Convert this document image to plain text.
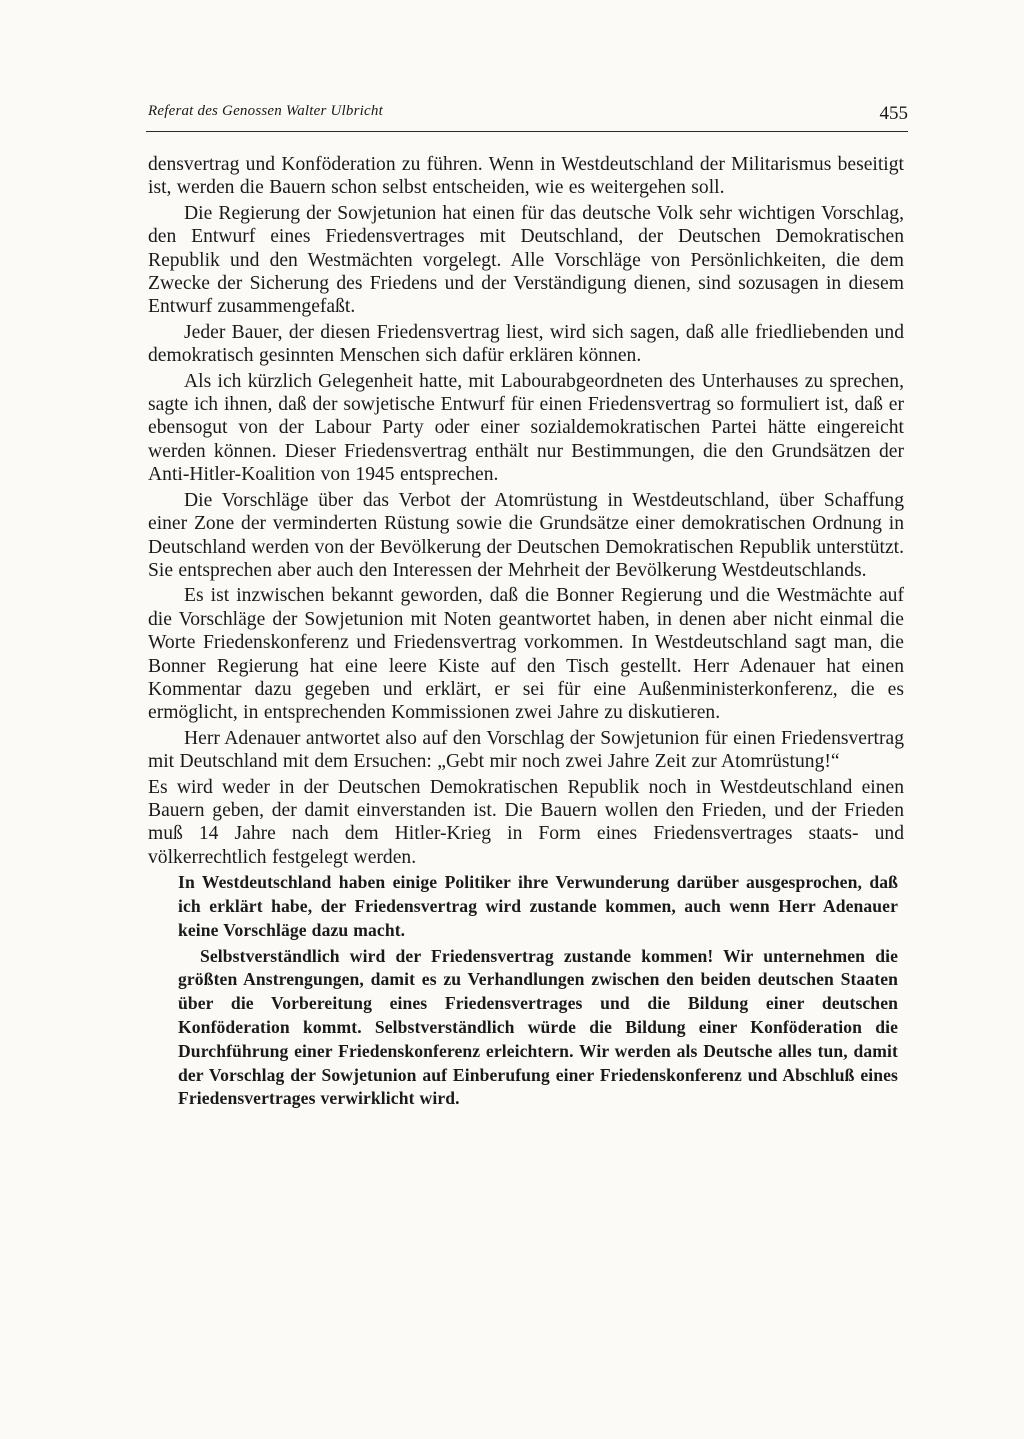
Referat des Genossen Walter Ulbricht	455

densvertrag und Konföderation zu führen. Wenn in Westdeutschland der Militarismus beseitigt ist, werden die Bauern schon selbst entscheiden, wie es weitergehen soll.

Die Regierung der Sowjetunion hat einen für das deutsche Volk sehr wichtigen Vorschlag, den Entwurf eines Friedensvertrages mit Deutschland, der Deutschen Demokratischen Republik und den Westmächten vorgelegt. Alle Vorschläge von Persönlichkeiten, die dem Zwecke der Sicherung des Friedens und der Verständigung dienen, sind sozusagen in diesem Entwurf zusammengefaßt.

Jeder Bauer, der diesen Friedensvertrag liest, wird sich sagen, daß alle friedliebenden und demokratisch gesinnten Menschen sich dafür erklären können.

Als ich kürzlich Gelegenheit hatte, mit Labourabgeordneten des Unterhauses zu sprechen, sagte ich ihnen, daß der sowjetische Entwurf für einen Friedensvertrag so formuliert ist, daß er ebensogut von der Labour Party oder einer sozialdemokratischen Partei hätte eingereicht werden können. Dieser Friedensvertrag enthält nur Bestimmungen, die den Grundsätzen der Anti-Hitler-Koalition von 1945 entsprechen.

Die Vorschläge über das Verbot der Atomrüstung in Westdeutschland, über Schaffung einer Zone der verminderten Rüstung sowie die Grundsätze einer demokratischen Ordnung in Deutschland werden von der Bevölkerung der Deutschen Demokratischen Republik unterstützt. Sie entsprechen aber auch den Interessen der Mehrheit der Bevölkerung Westdeutschlands.

Es ist inzwischen bekannt geworden, daß die Bonner Regierung und die Westmächte auf die Vorschläge der Sowjetunion mit Noten geantwortet haben, in denen aber nicht einmal die Worte Friedenskonferenz und Friedensvertrag vorkommen. In Westdeutschland sagt man, die Bonner Regierung hat eine leere Kiste auf den Tisch gestellt. Herr Adenauer hat einen Kommentar dazu gegeben und erklärt, er sei für eine Außenministerkonferenz, die es ermöglicht, in entsprechenden Kommissionen zwei Jahre zu diskutieren.

Herr Adenauer antwortet also auf den Vorschlag der Sowjetunion für einen Friedensvertrag mit Deutschland mit dem Ersuchen: „Gebt mir noch zwei Jahre Zeit zur Atomrüstung!“

Es wird weder in der Deutschen Demokratischen Republik noch in Westdeutschland einen Bauern geben, der damit einverstanden ist. Die Bauern wollen den Frieden, und der Frieden muß 14 Jahre nach dem Hitler-Krieg in Form eines Friedensvertrages staats- und völkerrechtlich festgelegt werden.

In Westdeutschland haben einige Politiker ihre Verwunderung darüber ausgesprochen, daß ich erklärt habe, der Friedensvertrag wird zustande kommen, auch wenn Herr Adenauer keine Vorschläge dazu macht.

Selbstverständlich wird der Friedensvertrag zustande kommen! Wir unternehmen die größten Anstrengungen, damit es zu Verhandlungen zwischen den beiden deutschen Staaten über die Vorbereitung eines Friedensvertrages und die Bildung einer deutschen Konföderation kommt. Selbstverständlich würde die Bildung einer Konföderation die Durchführung einer Friedenskonferenz erleichtern. Wir werden als Deutsche alles tun, damit der Vorschlag der Sowjetunion auf Einberufung einer Friedenskonferenz und Abschluß eines Friedensvertrages verwirklicht wird.
